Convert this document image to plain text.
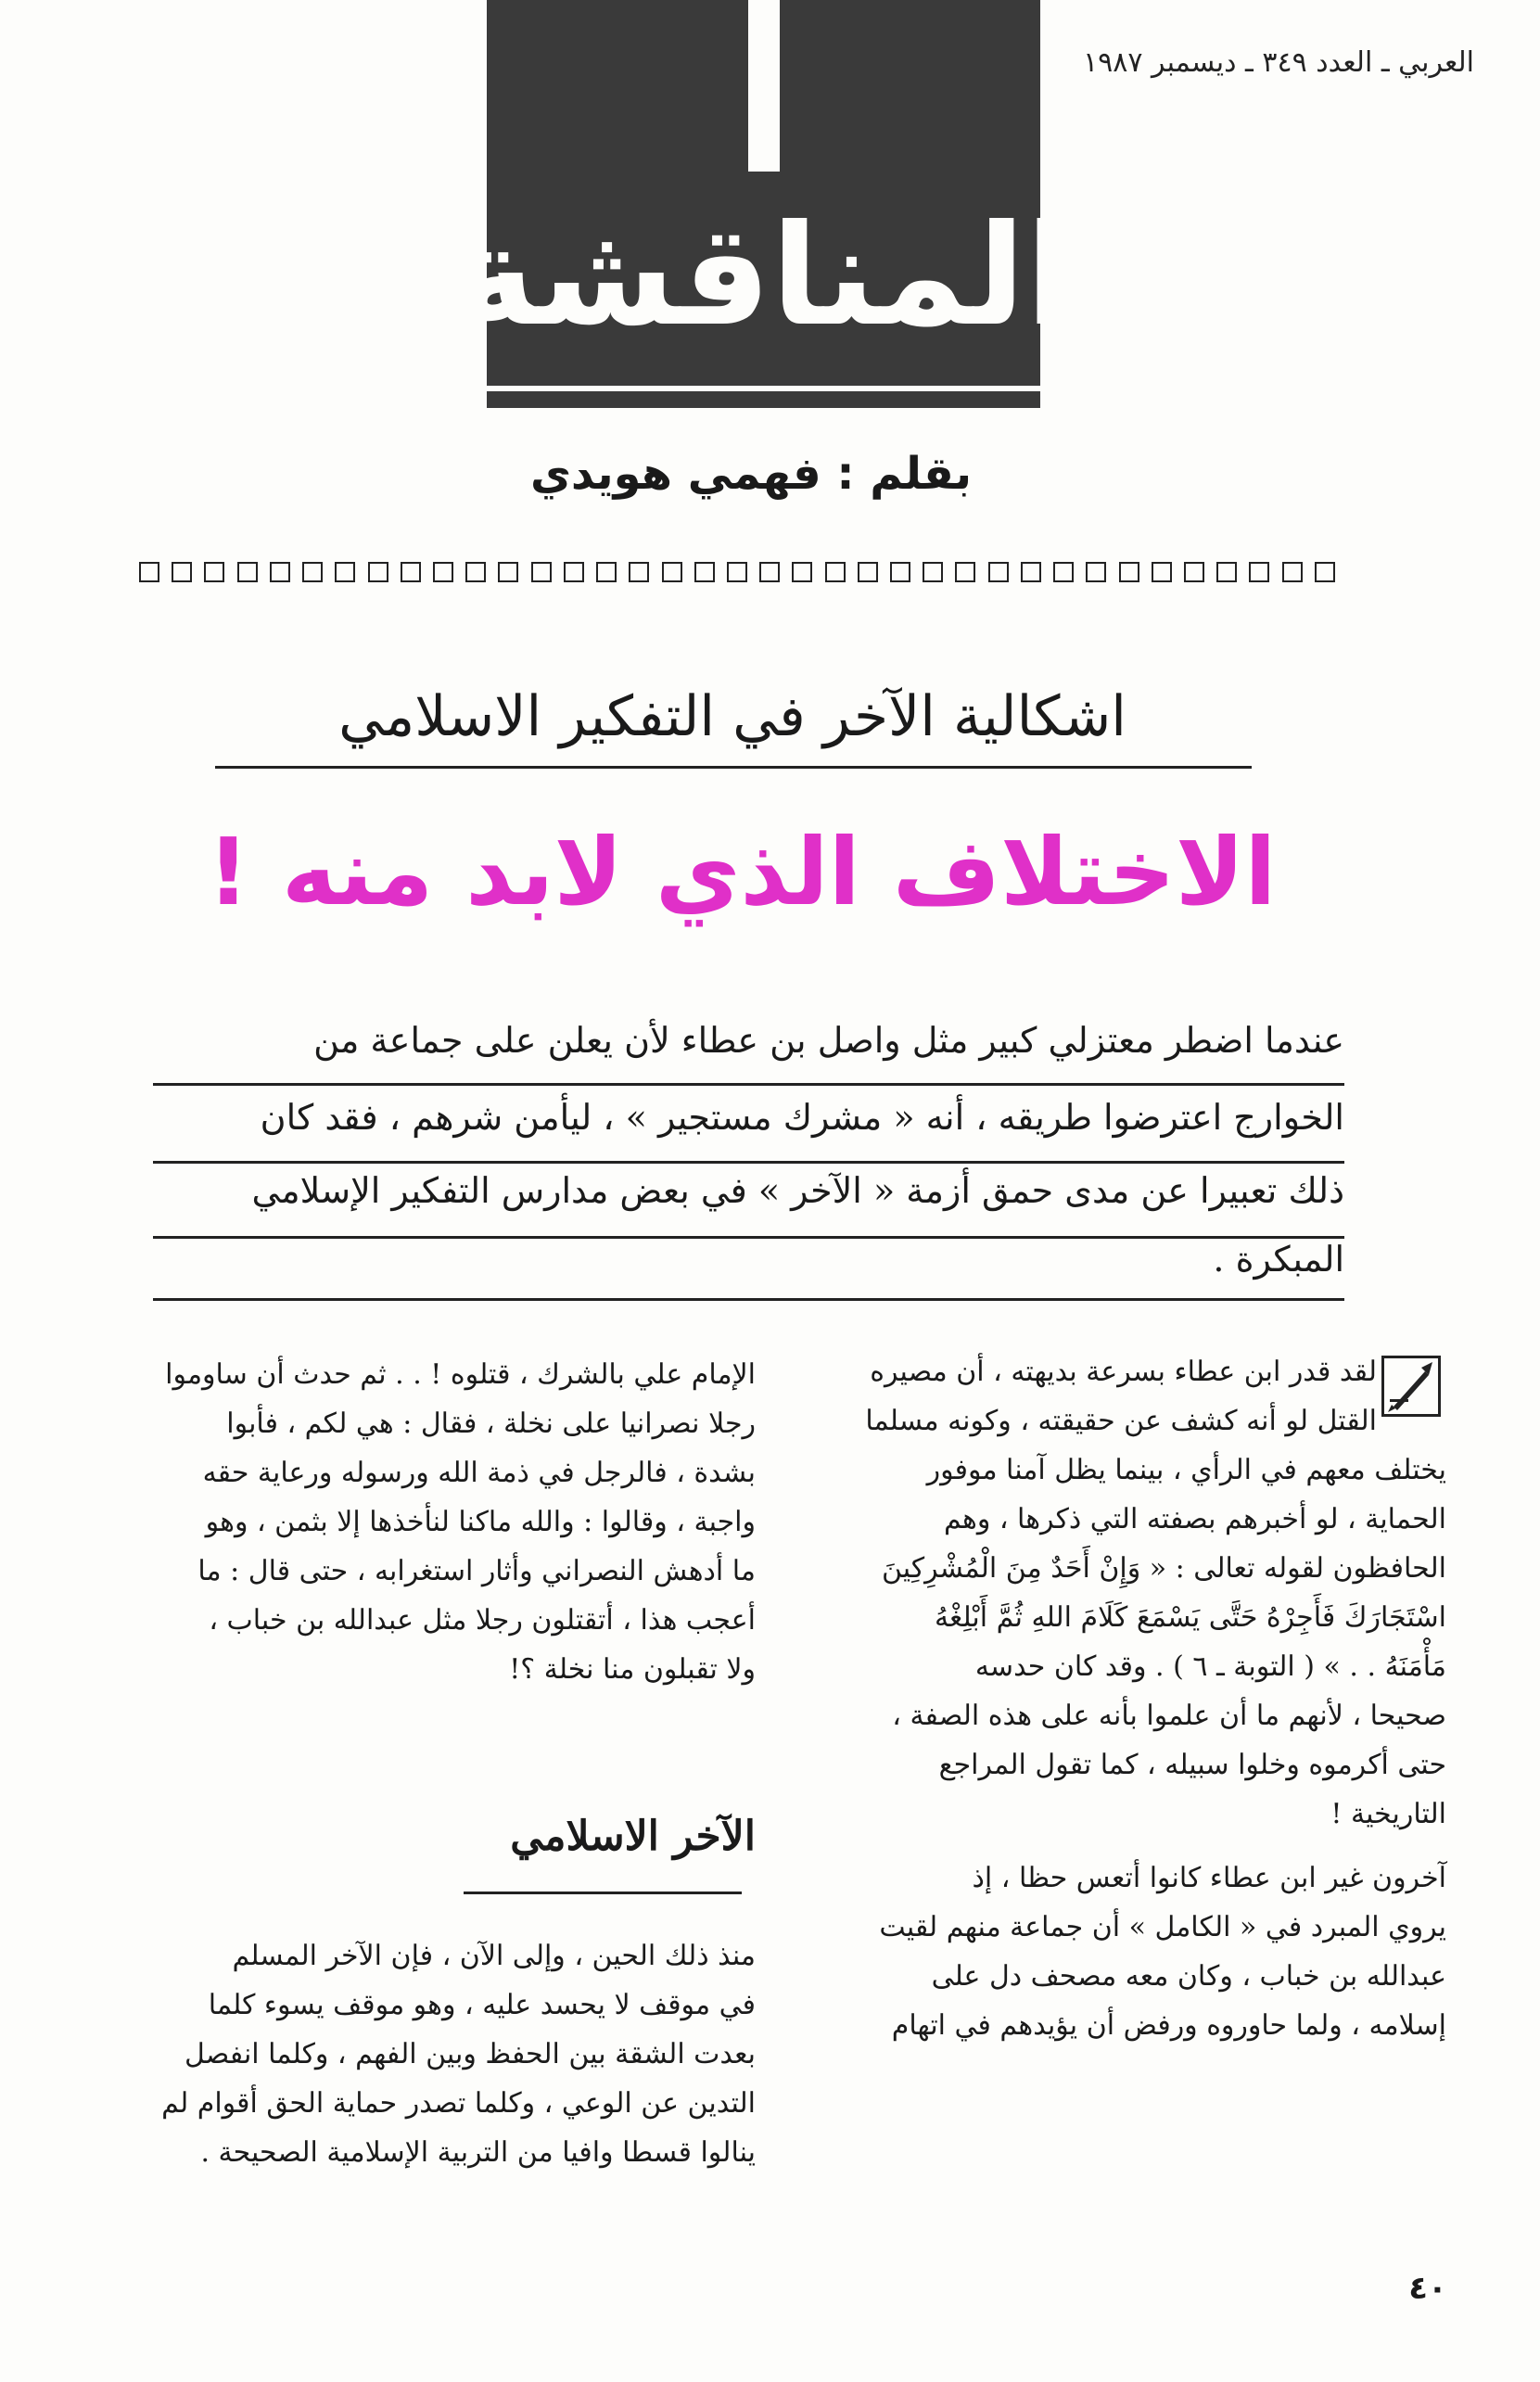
المناقشة
العربي ـ العدد ٣٤٩ ـ ديسمبر ١٩٨٧
بقلم : فهمي هويدي
اشكالية الآخر في التفكير الاسلامي
الاختلاف الذي لابد منه !
عندما اضطر معتزلي كبير مثل واصل بن عطاء لأن يعلن على جماعة من
الخوارج اعترضوا طريقه ، أنه « مشرك مستجير » ، ليأمن شرهم ، فقد كان
ذلك تعبيرا عن مدى حمق أزمة « الآخر » في بعض مدارس التفكير الإسلامي
المبكرة .
لقد قدر ابن عطاء بسرعة بديهته ، أن مصيره
القتل لو أنه كشف عن حقيقته ، وكونه مسلما
يختلف معهم في الرأي ، بينما يظل آمنا موفور
الحماية ، لو أخبرهم بصفته التي ذكرها ، وهم
الحافظون لقوله تعالى : « وَإِنْ أَحَدٌ مِنَ الْمُشْرِكِينَ
اسْتَجَارَكَ فَأَجِرْهُ حَتَّى يَسْمَعَ كَلَامَ اللهِ ثُمَّ أَبْلِغْهُ
مَأْمَنَهُ . . » ( التوبة ـ ٦ ) . وقد كان حدسه
صحيحا ، لأنهم ما أن علموا بأنه على هذه الصفة ،
حتى أكرموه وخلوا سبيله ، كما تقول المراجع
التاريخية !
آخرون غير ابن عطاء كانوا أتعس حظا ، إذ
يروي المبرد في « الكامل » أن جماعة منهم لقيت
عبدالله بن خباب ، وكان معه مصحف دل على
إسلامه ، ولما حاوروه ورفض أن يؤيدهم في اتهام
الإمام علي بالشرك ، قتلوه ! . . ثم حدث أن ساوموا
رجلا نصرانيا على نخلة ، فقال : هي لكم ، فأبوا
بشدة ، فالرجل في ذمة الله ورسوله ورعاية حقه
واجبة ، وقالوا : والله ماكنا لنأخذها إلا بثمن ، وهو
ما أدهش النصراني وأثار استغرابه ، حتى قال : ما
أعجب هذا ، أتقتلون رجلا مثل عبدالله بن خباب ،
ولا تقبلون منا نخلة ؟!
الآخر الاسلامي
منذ ذلك الحين ، وإلى الآن ، فإن الآخر المسلم
في موقف لا يحسد عليه ، وهو موقف يسوء كلما
بعدت الشقة بين الحفظ وبين الفهم ، وكلما انفصل
التدين عن الوعي ، وكلما تصدر حماية الحق أقوام لم
ينالوا قسطا وافيا من التربية الإسلامية الصحيحة .
٤٠
